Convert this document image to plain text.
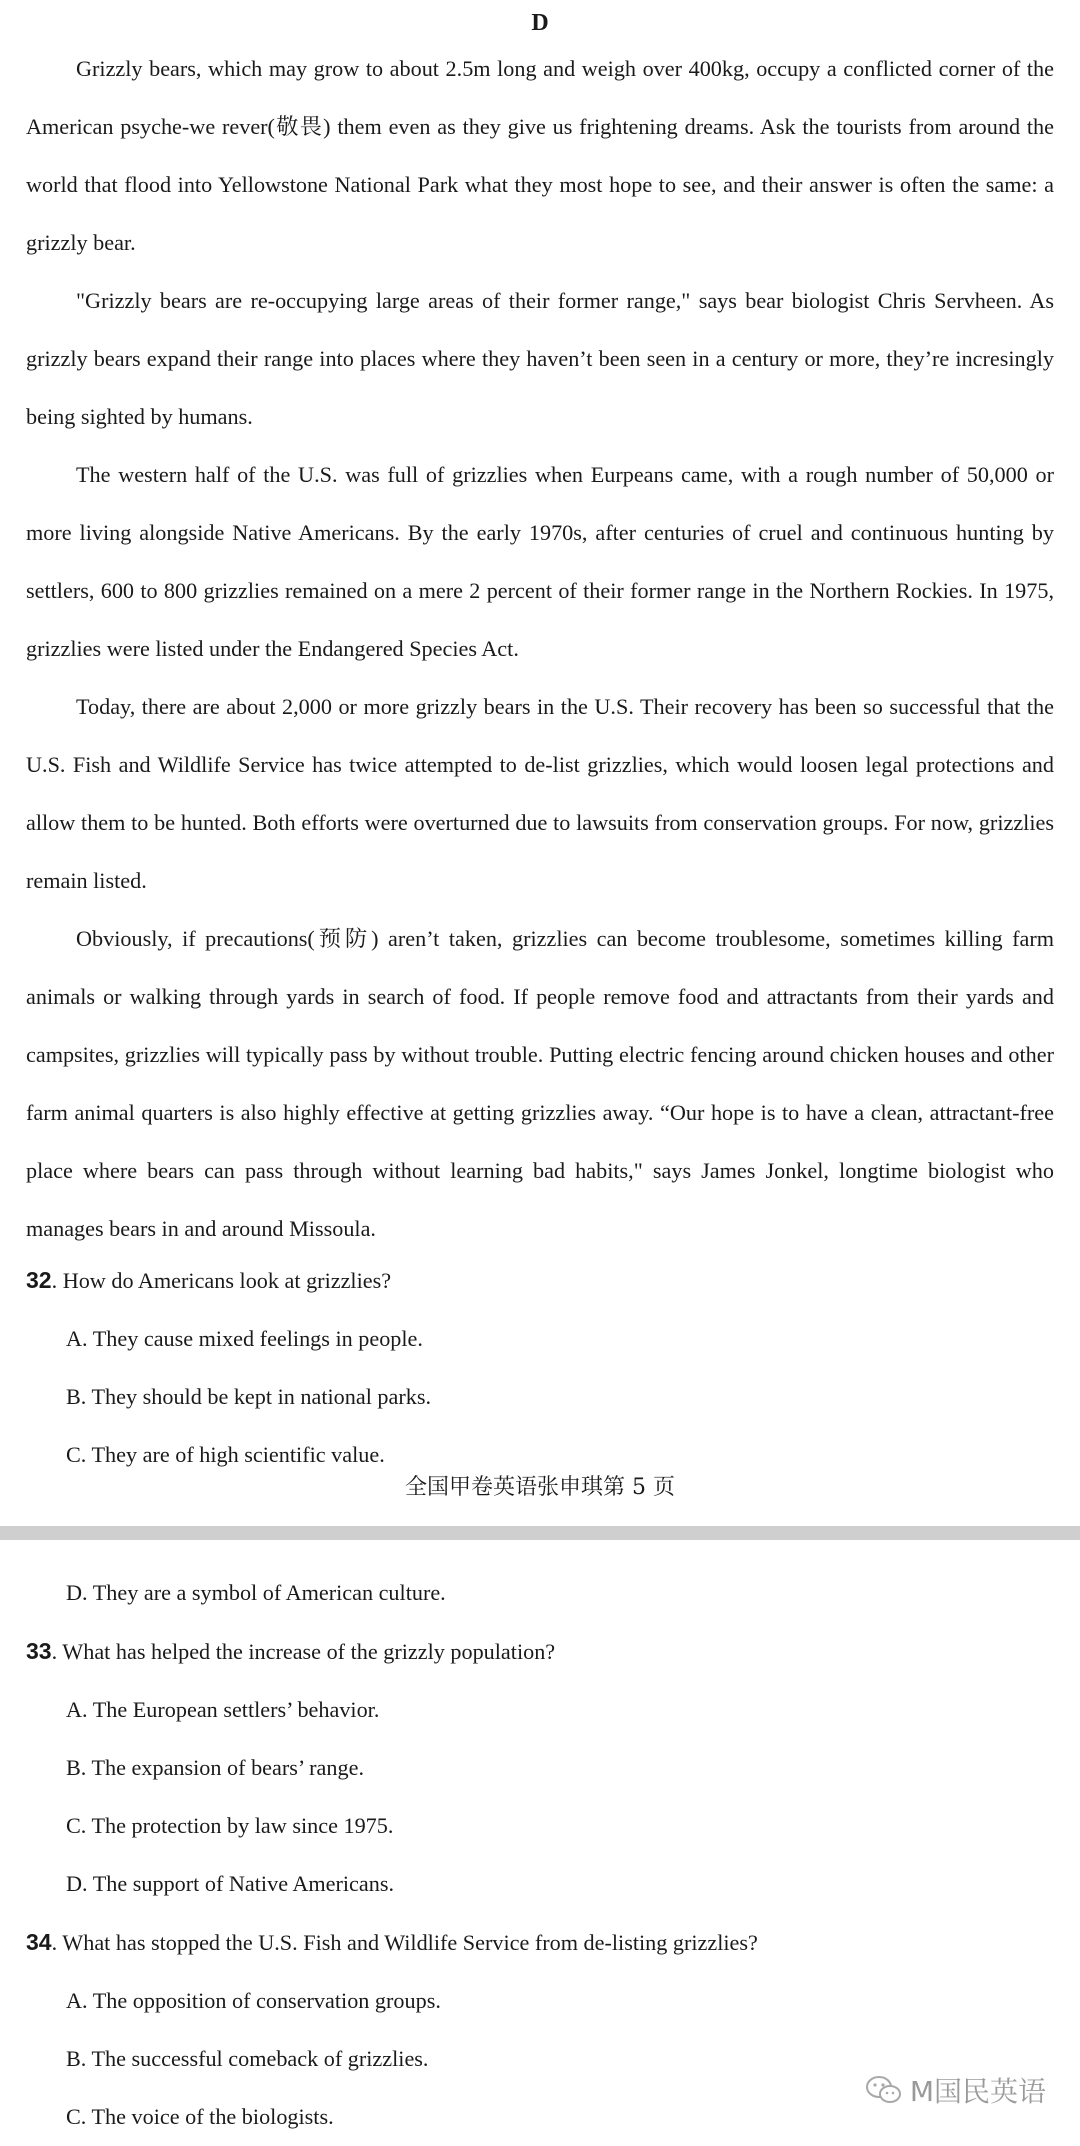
D

Grizzly bears, which may grow to about 2.5m long and weigh over 400kg, occupy a conflicted corner of the American psyche-we rever(敬畏) them even as they give us frightening dreams. Ask the tourists from around the world that flood into Yellowstone National Park what they most hope to see, and their answer is often the same: a grizzly bear.

"Grizzly bears are re-occupying large areas of their former range," says bear biologist Chris Servheen. As grizzly bears expand their range into places where they haven’t been seen in a century or more, they’re incresingly being sighted by humans.

The western half of the U.S. was full of grizzlies when Eurpeans came, with a rough number of 50,000 or more living alongside Native Americans. By the early 1970s, after centuries of cruel and continuous hunting by settlers, 600 to 800 grizzlies remained on a mere 2 percent of their former range in the Northern Rockies. In 1975, grizzlies were listed under the Endangered Species Act.

Today, there are about 2,000 or more grizzly bears in the U.S. Their recovery has been so successful that the U.S. Fish and Wildlife Service has twice attempted to de-list grizzlies, which would loosen legal protections and allow them to be hunted. Both efforts were overturned due to lawsuits from conservation groups. For now, grizzlies remain listed.

Obviously, if precautions(预防) aren’t taken, grizzlies can become troublesome, sometimes killing farm animals or walking through yards in search of food. If people remove food and attractants from their yards and campsites, grizzlies will typically pass by without trouble. Putting electric fencing around chicken houses and other farm animal quarters is also highly effective at getting grizzlies away. “Our hope is to have a clean, attractant-free place where bears can pass through without learning bad habits," says James Jonkel, longtime biologist who manages bears in and around Missoula.

32. How do Americans look at grizzlies?

A. They cause mixed feelings in people.

B. They should be kept in national parks.

C. They are of high scientific value.

全国甲卷英语张申琪第 5 页

D. They are a symbol of American culture.

33. What has helped the increase of the grizzly population?

A. The European settlers’ behavior.

B. The expansion of bears’ range.

C. The protection by law since 1975.

D. The support of Native Americans.

34. What has stopped the U.S. Fish and Wildlife Service from de-listing grizzlies?

A. The opposition of conservation groups.

B. The successful comeback of grizzlies.

C. The voice of the biologists.

M国民英语
